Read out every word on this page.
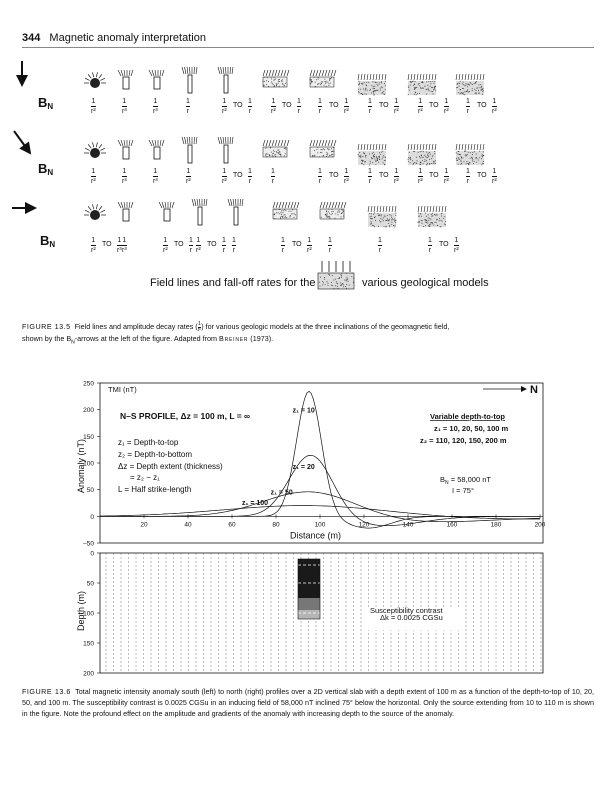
344 Magnetic anomaly interpretation
BN
BN
BN
1
r²
1
r³
1
r³
1
r
1
r²
TO
1
r
1
r²
TO
1
r
1
r
TO
1
r²
1
r
TO
1
r²
1
r²
TO
1
r²
1
r
TO
1
r²
1
r²
1
r³
1
r³
1
r²
1
r²
TO
1
r
1
r
1
r
TO
1
r²
1
r
TO
1
r²
1
r²
TO
1
r²
1
r
TO
1
r²
1
r²
TO
1
r³
1
r³
1
r²
TO
1
r
1
r²
TO
1
r
1
r
1
r
TO
1
r²
1
r
1
r
1
r
TO
1
r²
Field lines and fall-off rates for the	various geological models
FIGURE 13.5 Field lines and amplitude decay rates ( $\frac{1}{\text{rⁿ}}$ ) for various geologic models at the three inclinations of the geomagnetic field,
shown by the $B_N$-arrows at the left of the figure. Adapted from Breiner (1973).
250
200
150
100
50
0
−50
20	40	60	80	100	120	140	160	180	200
Distance (m)
Anomaly (nT)
TMI (nT)	N
N–S PROFILE, Δz = 100 m, L = ∞
z₁ = Depth-to-top
z₂ = Depth-to-bottom
Δz = Depth extent (thickness)
= z₂ − z₁
L = Half strike-length
Variable depth-to-top
z₁ = 10, 20, 50, 100 m
z₂ = 110, 120, 150, 200 m
$B_N = 58,000$ nT
I = 75°
z₁ = 10
z₁ = 20
z₁ = 50
z₁ = 100
0
50
100
150
200
Depth (m)	Susceptibility contrast
Δk = 0.0025 CGSu
FIGURE 13.6 Total magnetic intensity anomaly south (left) to north (right) profiles over a 2D vertical slab with a depth extent of 100 m as a function of the depth-to-top of 10, 20, 50, and 100 m. The susceptibility contrast is 0.0025 CGSu in an inducing field of 58,000 nT inclined 75° below the horizontal. Only the source extending from 10 to 110 m is shown in the figure. Note the profound effect on the amplitude and gradients of the anomaly with increasing depth to the source of the anomaly.
